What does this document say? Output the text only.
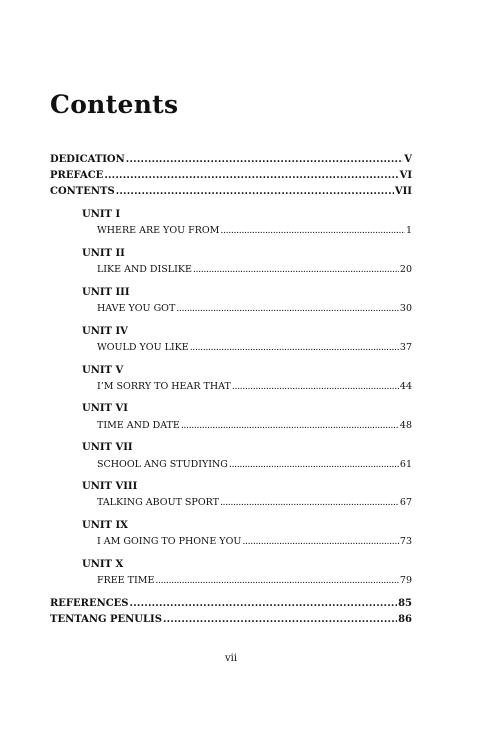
Contents
DEDICATION .....	V
PREFACE .....	VI
CONTENTS .....	VII
UNIT I
WHERE ARE YOU FROM .....	1
UNIT II
LIKE AND DISLIKE .....	20
UNIT III
HAVE YOU GOT .....	30
UNIT IV
WOULD YOU LIKE .....	37
UNIT V
I’M SORRY TO HEAR THAT .....	44
UNIT VI
TIME AND DATE .....	48
UNIT VII
SCHOOL ANG STUDIYING .....	61
UNIT VIII
TALKING ABOUT SPORT .....	67
UNIT IX
I AM GOING TO PHONE YOU .....	73
UNIT X
FREE TIME .....	79
REFERENCES .....	85
TENTANG PENULIS .....	86
vii
